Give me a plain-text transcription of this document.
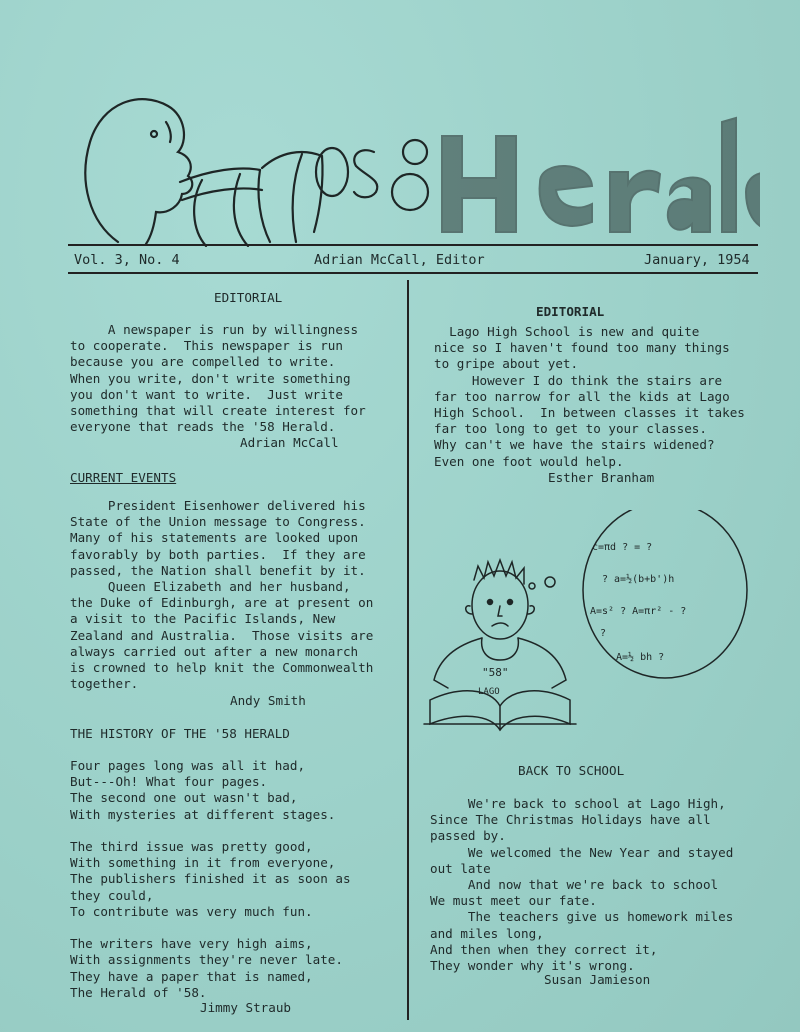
Vol. 3, No. 4	Adrian McCall, Editor	January, 1954
EDITORIAL
A newspaper is run by willingness
to cooperate.  This newspaper is run
because you are compelled to write.
When you write, don't write something
you don't want to write.  Just write
something that will create interest for
everyone that reads the '58 Herald.
Adrian McCall
CURRENT EVENTS
President Eisenhower delivered his
State of the Union message to Congress.
Many of his statements are looked upon
favorably by both parties.  If they are
passed, the Nation shall benefit by it.
Queen Elizabeth and her husband,
the Duke of Edinburgh, are at present on
a visit to the Pacific Islands, New
Zealand and Australia.  Those visits are
always carried out after a new monarch
is crowned to help knit the Commonwealth
together.
Andy Smith
THE HISTORY OF THE '58 HERALD
Four pages long was all it had,
But---Oh! What four pages.
The second one out wasn't bad,
With mysteries at different stages.

The third issue was pretty good,
With something in it from everyone,
The publishers finished it as soon as
they could,
To contribute was very much fun.

The writers have very high aims,
With assignments they're never late.
They have a paper that is named,
The Herald of '58.
Jimmy Straub
EDITORIAL
Lago High School is new and quite
nice so I haven't found too many things
to gripe about yet.
However I do think the stairs are
far too narrow for all the kids at Lago
High School.  In between classes it takes
far too long to get to your classes.
Why can't we have the stairs widened?
Even one foot would help.
Esther Branham
"58"
LAGO
c=πd ? = ?
? a=½(b+b')h
A=s² ? A=πr² - ?
?
A=½ bh ?
BACK TO SCHOOL
We're back to school at Lago High,
Since The Christmas Holidays have all
passed by.
We welcomed the New Year and stayed
out late
And now that we're back to school
We must meet our fate.
The teachers give us homework miles
and miles long,
And then when they correct it,
They wonder why it's wrong.
Susan Jamieson
